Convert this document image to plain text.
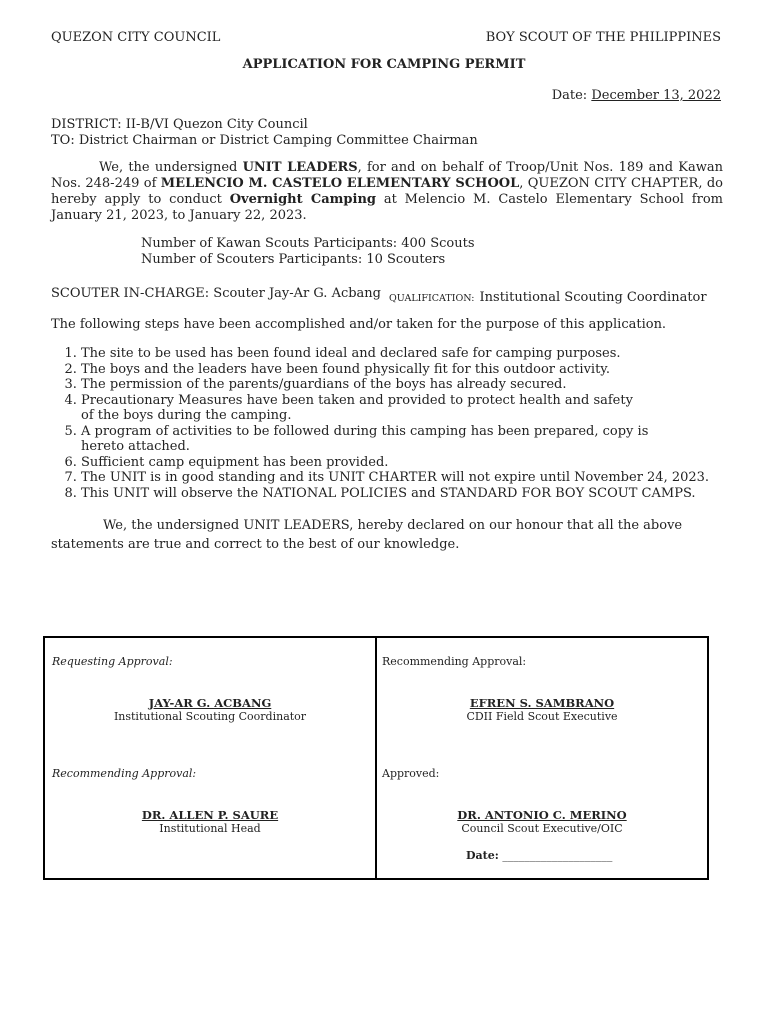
QUEZON CITY COUNCIL	BOY SCOUT OF THE PHILIPPINES
APPLICATION FOR CAMPING PERMIT
Date: December 13, 2022
DISTRICT: II-B/VI Quezon City Council
TO: District Chairman or District Camping Committee Chairman
We, the undersigned UNIT LEADERS, for and on behalf of Troop/Unit Nos. 189 and Kawan Nos. 248-249 of MELENCIO M. CASTELO ELEMENTARY SCHOOL, QUEZON CITY CHAPTER, do hereby apply to conduct Overnight Camping at Melencio M. Castelo Elementary School from January 21, 2023, to January 22, 2023.
Number of Kawan Scouts Participants: 400 Scouts
Number of Scouters Participants: 10 Scouters
SCOUTER IN-CHARGE: Scouter Jay-Ar G. Acbang QUALIFICATION: Institutional Scouting Coordinator
The following steps have been accomplished and/or taken for the purpose of this application.
1. The site to be used has been found ideal and declared safe for camping purposes.
2. The boys and the leaders have been found physically fit for this outdoor activity.
3. The permission of the parents/guardians of the boys has already secured.
4. Precautionary Measures have been taken and provided to protect health and safety of the boys during the camping.
5. A program of activities to be followed during this camping has been prepared, copy is hereto attached.
6. Sufficient camp equipment has been provided.
7. The UNIT is in good standing and its UNIT CHARTER will not expire until November 24, 2023.
8. This UNIT will observe the NATIONAL POLICIES and STANDARD FOR BOY SCOUT CAMPS.
We, the undersigned UNIT LEADERS, hereby declared on our honour that all the above statements are true and correct to the best of our knowledge.
Requesting Approval:
JAY-AR G. ACBANG
Institutional Scouting Coordinator
Recommending Approval:
EFREN S. SAMBRANO
CDII Field Scout Executive
Recommending Approval:
DR. ALLEN P. SAURE
Institutional Head
Approved:
DR. ANTONIO C. MERINO
Council Scout Executive/OIC
Date: ____________________
